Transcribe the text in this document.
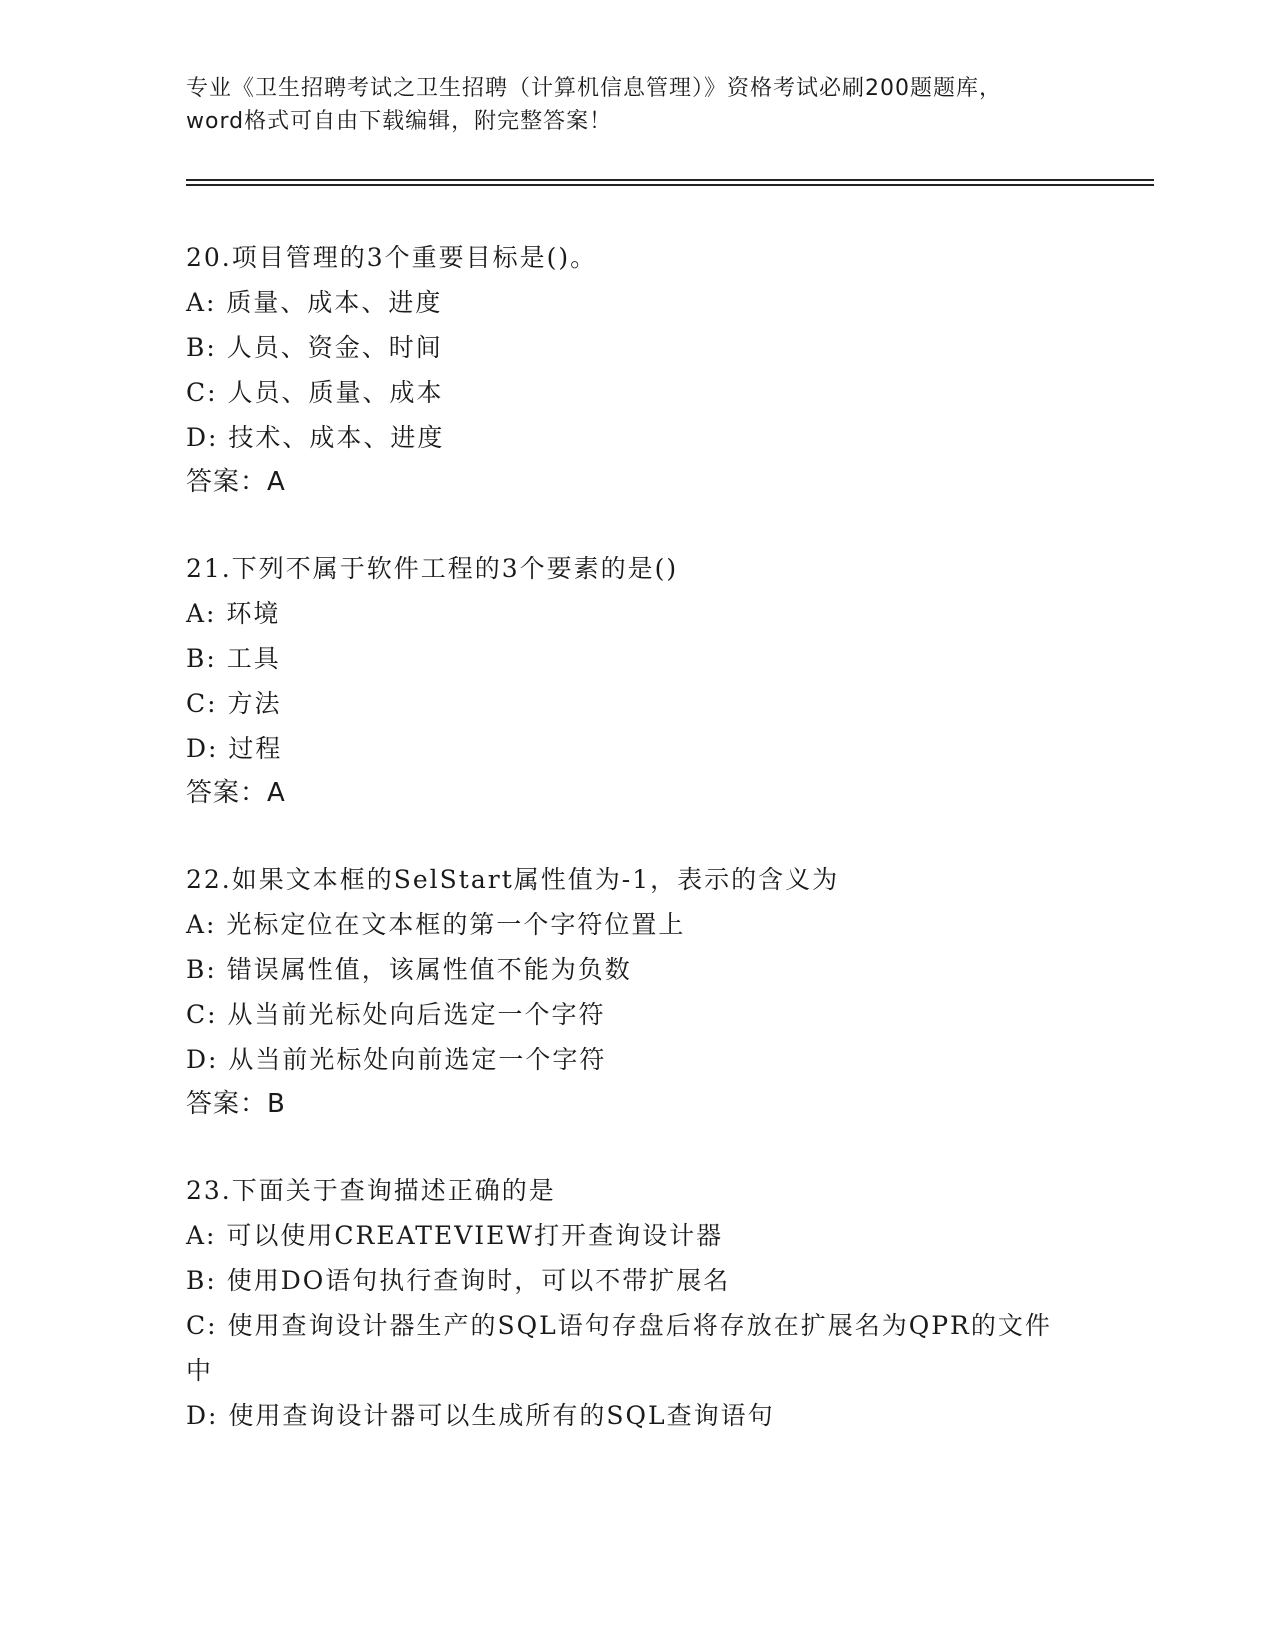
专业《卫生招聘考试之卫生招聘（计算机信息管理）》资格考试必刷200题题库，
word格式可自由下载编辑，附完整答案！
20.项目管理的3个重要目标是()。
A: 质量、成本、进度
B: 人员、资金、时间
C: 人员、质量、成本
D: 技术、成本、进度
答案：A
21.下列不属于软件工程的3个要素的是()
A: 环境
B: 工具
C: 方法
D: 过程
答案：A
22.如果文本框的SelStart属性值为-1，表示的含义为
A: 光标定位在文本框的第一个字符位置上
B: 错误属性值，该属性值不能为负数
C: 从当前光标处向后选定一个字符
D: 从当前光标处向前选定一个字符
答案：B
23.下面关于查询描述正确的是
A: 可以使用CREATEVIEW打开查询设计器
B: 使用DO语句执行查询时，可以不带扩展名
C: 使用查询设计器生产的SQL语句存盘后将存放在扩展名为QPR的文件中
D: 使用查询设计器可以生成所有的SQL查询语句
